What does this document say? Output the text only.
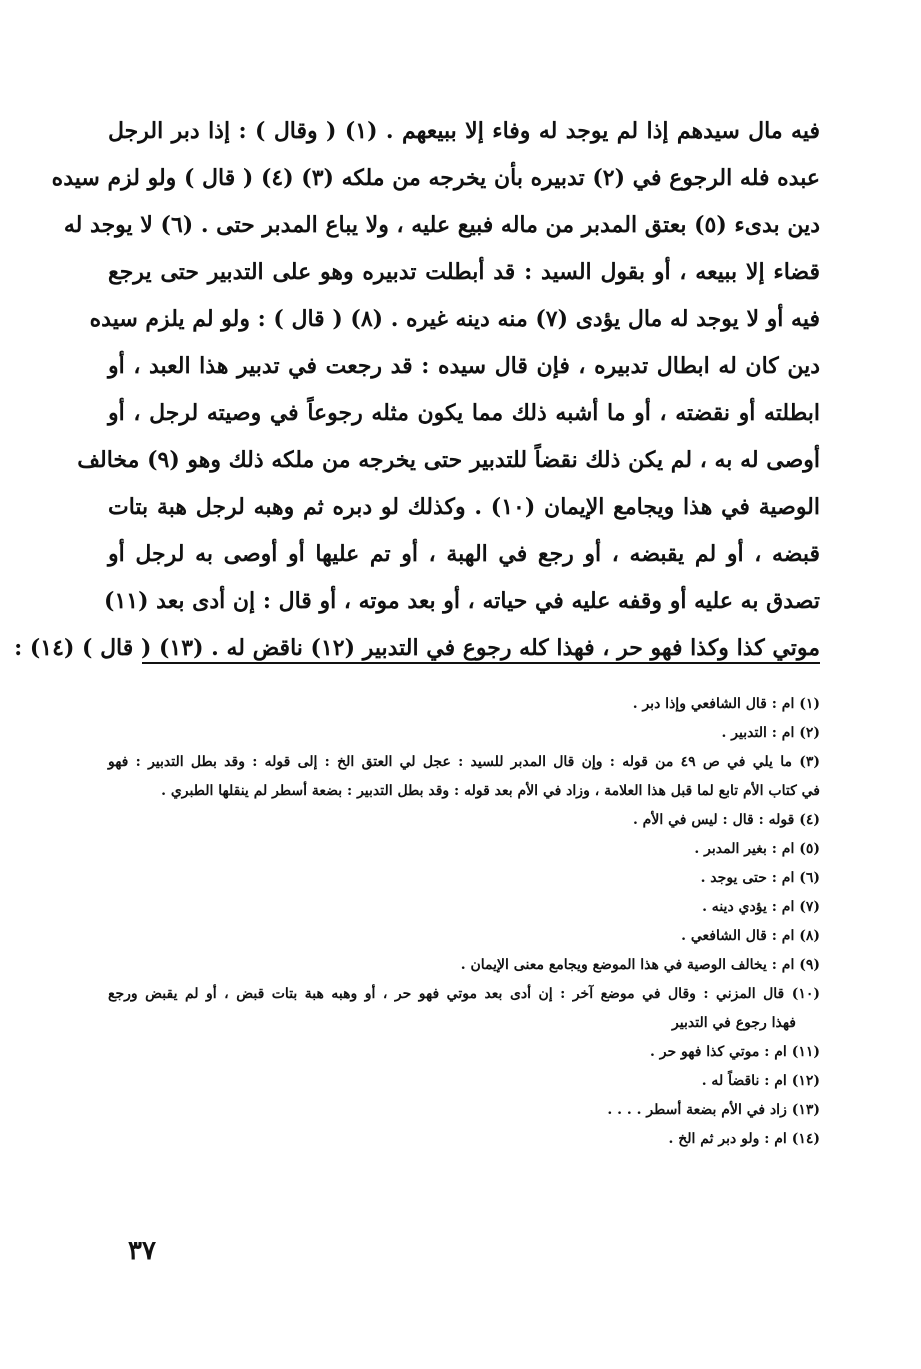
فيه مال سيدهم إذا لم يوجد له وفاء إلا ببيعهم . (١) ( وقال ) : إذا دبر الرجل
عبده فله الرجوع في (٢) تدبيره بأن يخرجه من ملكه (٣) (٤) ( قال ) ولو لزم سيده
دين بدىء (٥) بعتق المدبر من ماله فبيع عليه ، ولا يباع المدبر حتى . (٦) لا يوجد له
قضاء إلا ببيعه ، أو بقول السيد : قد أبطلت تدبيره وهو على التدبير حتى يرجع
فيه أو لا يوجد له مال يؤدى (٧) منه دينه غيره . (٨) ( قال ) : ولو لم يلزم سيده
دين كان له ابطال تدبيره ، فإن قال سيده : قد رجعت في تدبير هذا العبد ، أو
ابطلته أو نقضته ، أو ما أشبه ذلك مما يكون مثله رجوعاً في وصيته لرجل ، أو
أوصى له به ، لم يكن ذلك نقضاً للتدبير حتى يخرجه من ملكه ذلك وهو (٩) مخالف
الوصية في هذا ويجامع الإيمان (١٠) . وكذلك لو دبره ثم وهبه لرجل هبة بتات
قبضه ، أو لم يقبضه ، أو رجع في الهبة ، أو تم عليها أو أوصى به لرجل أو
تصدق به عليه أو وقفه عليه في حياته ، أو بعد موته ، أو قال : إن أدى بعد (١١)
موتي كذا وكذا فهو حر ، فهذا كله رجوع في التدبير (١٢) ناقض له . (١٣) ( قال ) (١٤) :
(١) ام : قال الشافعي وإذا دبر .
(٢) ام : التدبير .
(٣) ما يلي في ص ٤٩ من قوله : وإن قال المدبر للسيد : عجل لي العتق الخ : إلى قوله : وقد بطل التدبير : فهو
في كتاب الأم تابع لما قبل هذا العلامة ، وزاد في الأم بعد قوله : وقد بطل التدبير : بضعة أسطر لم ينقلها الطبري .
(٤) قوله : قال : ليس في الأم .
(٥) ام : بغير المدبر .
(٦) ام : حتى يوجد .
(٧) ام : يؤدي دينه .
(٨) ام : قال الشافعي .
(٩) ام : يخالف الوصية في هذا الموضع ويجامع معنى الإيمان .
(١٠) قال المزني : وقال في موضع آخر : إن أدى بعد موتي فهو حر ، أو وهبه هبة بتات قبض ، أو لم يقبض ورجع
فهذا رجوع في التدبير
(١١) ام : موتي كذا فهو حر .
(١٢) ام : ناقضاً له .
(١٣) زاد في الأم بضعة أسطر . . . .
(١٤) ام : ولو دبر ثم الخ .
٣٧
